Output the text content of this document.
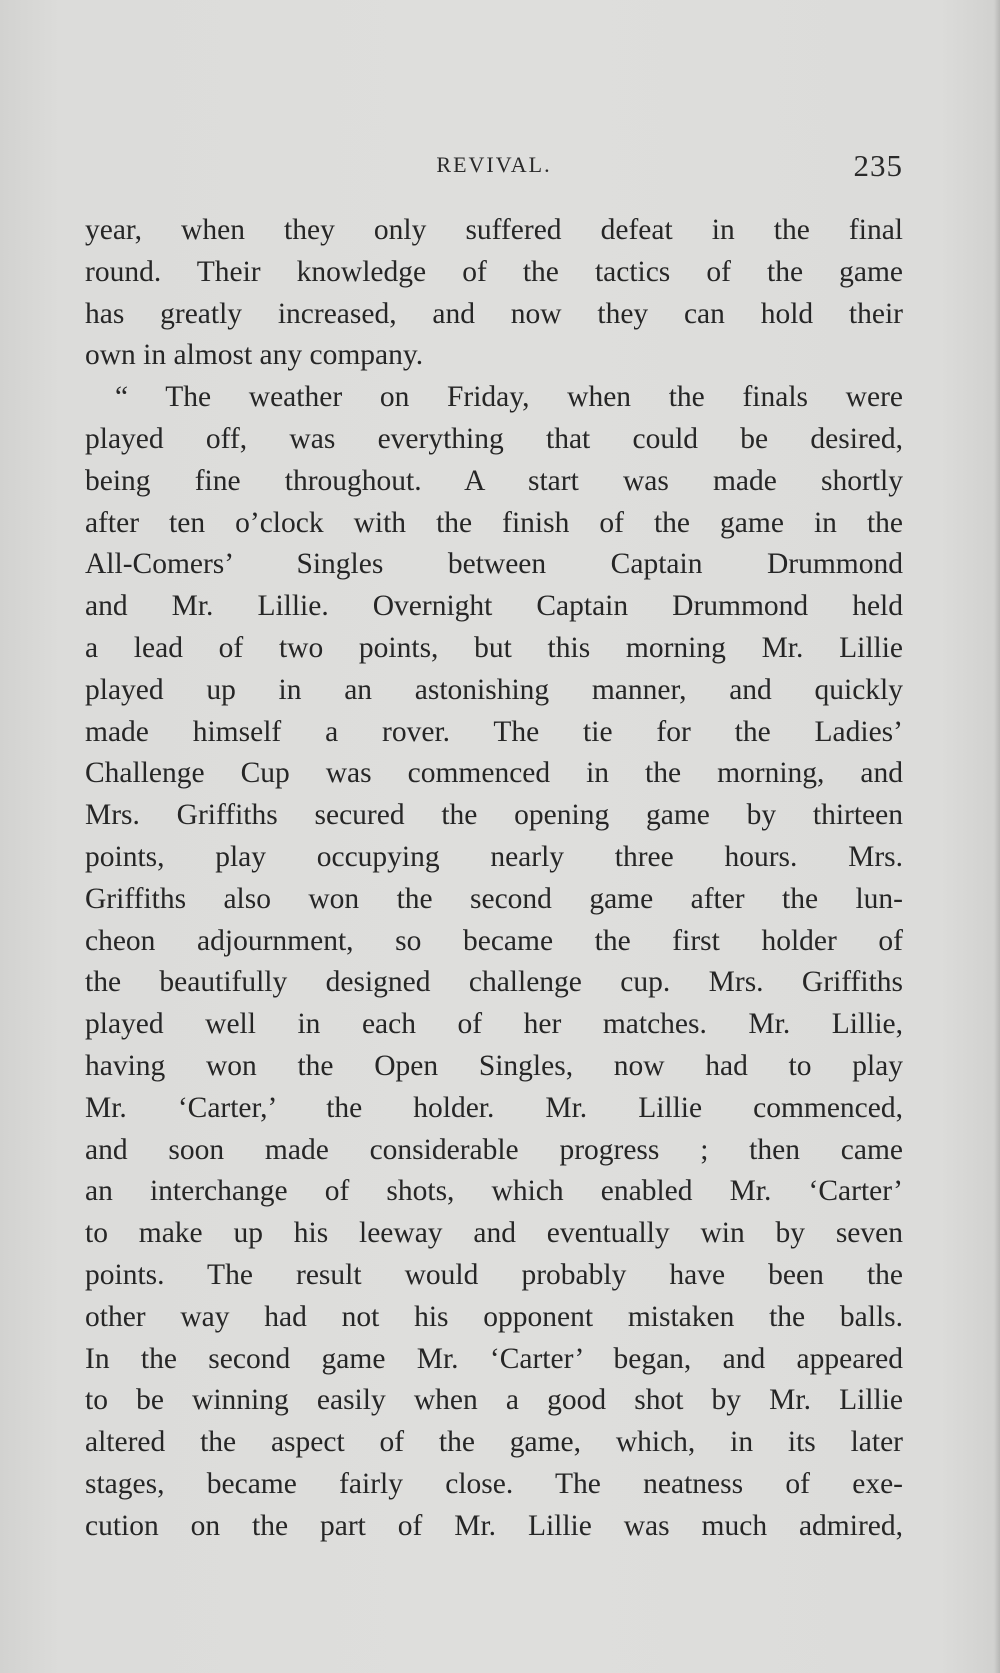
REVIVAL.	235
year, when they only suffered defeat in the final
round. Their knowledge of the tactics of the game
has greatly increased, and now they can hold their
own in almost any company.
“ The weather on Friday, when the finals were
played off, was everything that could be desired,
being fine throughout. A start was made shortly
after ten o’clock with the finish of the game in the
All-Comers’ Singles between Captain Drummond
and Mr. Lillie. Overnight Captain Drummond held
a lead of two points, but this morning Mr. Lillie
played up in an astonishing manner, and quickly
made himself a rover. The tie for the Ladies’
Challenge Cup was commenced in the morning, and
Mrs. Griffiths secured the opening game by thirteen
points, play occupying nearly three hours. Mrs.
Griffiths also won the second game after the lun-
cheon adjournment, so became the first holder of
the beautifully designed challenge cup. Mrs. Griffiths
played well in each of her matches. Mr. Lillie,
having won the Open Singles, now had to play
Mr. ‘Carter,’ the holder. Mr. Lillie commenced,
and soon made considerable progress ; then came
an interchange of shots, which enabled Mr. ‘Carter’
to make up his leeway and eventually win by seven
points. The result would probably have been the
other way had not his opponent mistaken the balls.
In the second game Mr. ‘Carter’ began, and appeared
to be winning easily when a good shot by Mr. Lillie
altered the aspect of the game, which, in its later
stages, became fairly close. The neatness of exe-
cution on the part of Mr. Lillie was much admired,
